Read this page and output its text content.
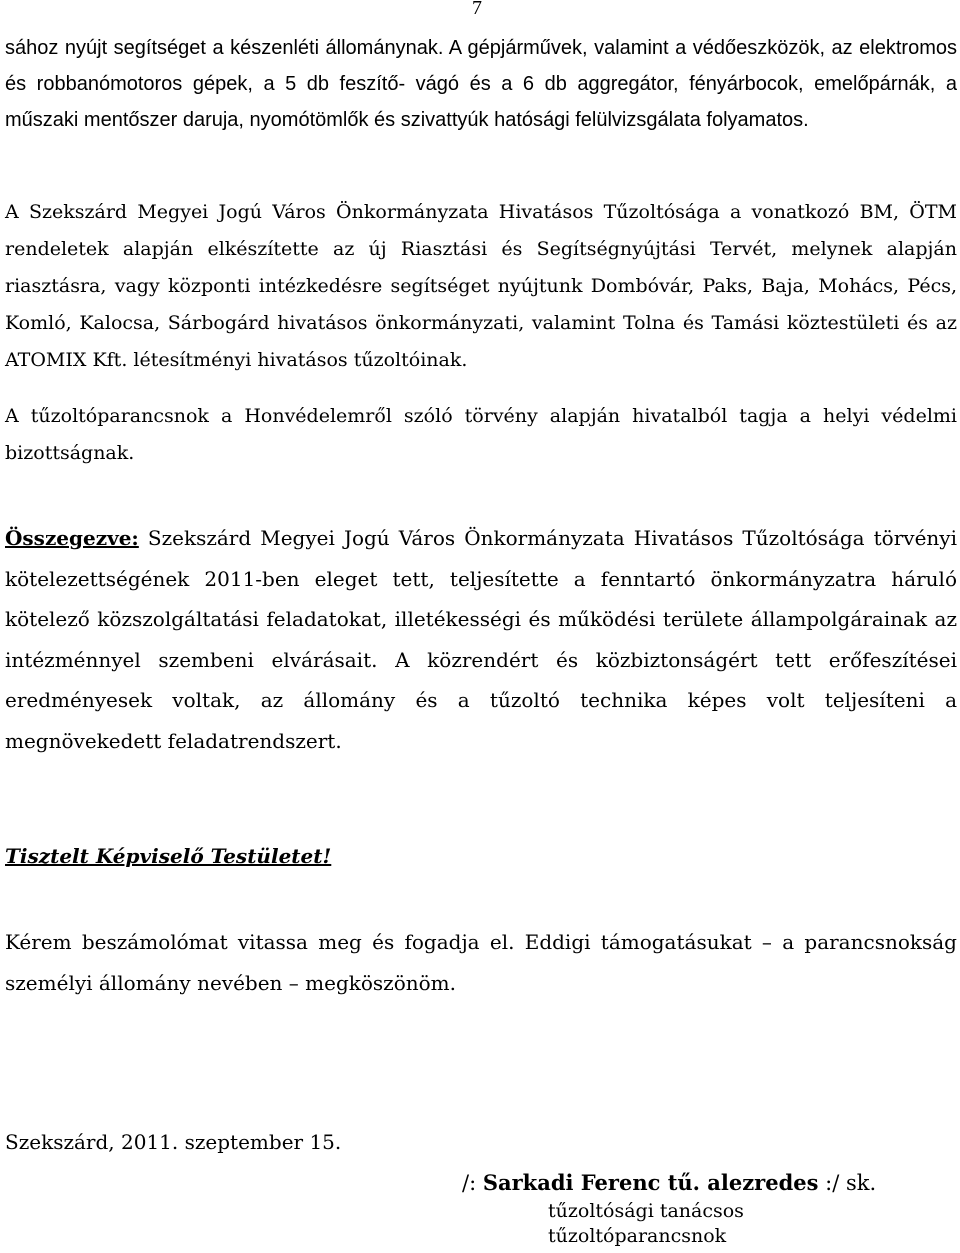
7

sához nyújt segítséget a készenléti állománynak. A gépjárművek, valamint a védőeszközök, az elektromos és robbanómotoros gépek, a 5 db feszítő- vágó és a 6 db aggregátor, fényárbocok, emelőpárnák, a műszaki mentőszer daruja, nyomótömlők és szivattyúk hatósági felülvizsgálata folyamatos.

A Szekszárd Megyei Jogú Város Önkormányzata Hivatásos Tűzoltósága a vonatkozó BM, ÖTM rendeletek alapján elkészítette az új Riasztási és Segítségnyújtási Tervét, melynek alapján riasztásra, vagy központi intézkedésre segítséget nyújtunk Dombóvár, Paks, Baja, Mohács, Pécs, Komló, Kalocsa, Sárbogárd hivatásos önkormányzati, valamint Tolna és Tamási köztestületi és az ATOMIX Kft. létesítményi hivatásos tűzoltóinak.

A tűzoltóparancsnok a Honvédelemről szóló törvény alapján hivatalból tagja a helyi védelmi bizottságnak.

Összegezve: Szekszárd Megyei Jogú Város Önkormányzata Hivatásos Tűzoltósága törvényi kötelezettségének 2011-ben eleget tett, teljesítette a fenntartó önkormányzatra háruló kötelező közszolgáltatási feladatokat, illetékességi és működési területe állampolgárainak az intézménnyel szembeni elvárásait. A közrendért és közbiztonságért tett erőfeszítései eredményesek voltak, az állomány és a tűzoltó technika képes volt teljesíteni a megnövekedett feladatrendszert.

Tisztelt Képviselő Testületet!

Kérem beszámolómat vitassa meg és fogadja el. Eddigi támogatásukat – a parancsnokság személyi állomány nevében – megköszönöm.

Szekszárd, 2011. szeptember 15.

/: Sarkadi Ferenc tű. alezredes :/ sk.

tűzoltósági tanácsos

tűzoltóparancsnok
